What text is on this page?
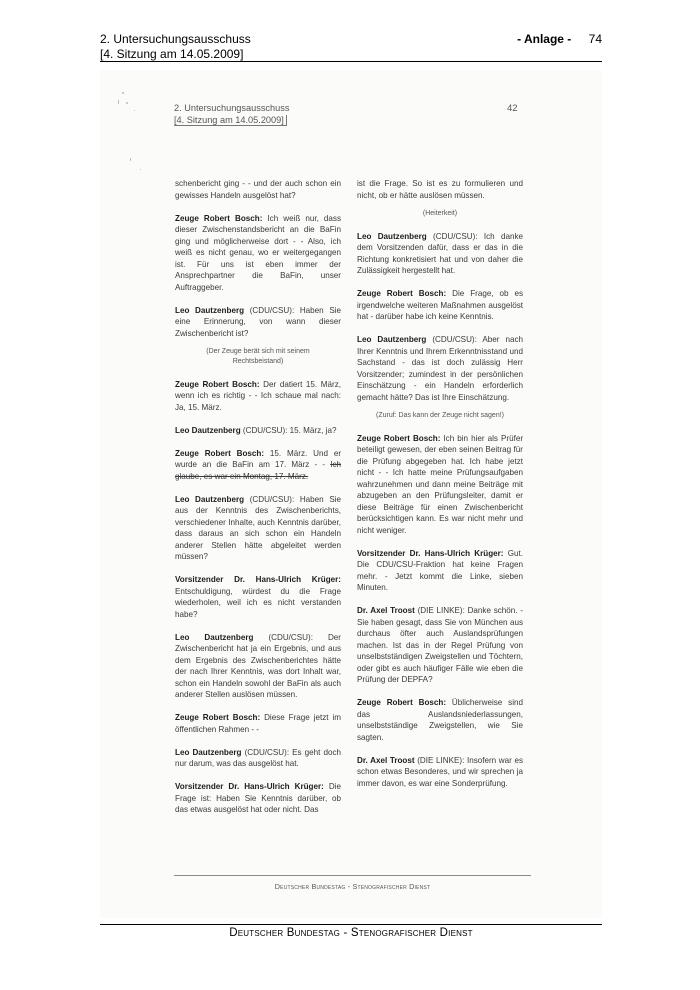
2. Untersuchungsausschuss
[4. Sitzung am 14.05.2009]
- Anlage - 74
2. Untersuchungsausschuss
[4. Sitzung am 14.05.2009]
42

schenbericht ging - - und der auch schon ein gewisses Handeln ausgelöst hat?

Zeuge Robert Bosch: Ich weiß nur, dass dieser Zwischenstandsbericht an die BaFin ging und möglicherweise dort - - Also, ich weiß es nicht genau, wo er weitergegangen ist. Für uns ist eben immer der Ansprechpartner die BaFin, unser Auftraggeber.

Leo Dautzenberg (CDU/CSU): Haben Sie eine Erinnerung, von wann dieser Zwischenbericht ist?

(Der Zeuge berät sich mit seinem Rechtsbeistand)

Zeuge Robert Bosch: Der datiert 15. März, wenn ich es richtig - - Ich schaue mal nach: Ja, 15. März.

Leo Dautzenberg (CDU/CSU): 15. März, ja?

Zeuge Robert Bosch: 15. März. Und er wurde an die BaFin am 17. März - - Ich glaube, es war ein Montag, 17. März.

Leo Dautzenberg (CDU/CSU): Haben Sie aus der Kenntnis des Zwischenberichts, verschiedener Inhalte, auch Kenntnis darüber, dass daraus an sich schon ein Handeln anderer Stellen hätte abgeleitet werden müssen?

Vorsitzender Dr. Hans-Ulrich Krüger: Entschuldigung, würdest du die Frage wiederholen, weil ich es nicht verstanden habe?

Leo Dautzenberg (CDU/CSU): Der Zwischenbericht hat ja ein Ergebnis, und aus dem Ergebnis des Zwischenberichtes hätte der nach Ihrer Kenntnis, was dort Inhalt war, schon ein Handeln sowohl der BaFin als auch anderer Stellen auslösen müssen.

Zeuge Robert Bosch: Diese Frage jetzt im öffentlichen Rahmen - -

Leo Dautzenberg (CDU/CSU): Es geht doch nur darum, was das ausgelöst hat.

Vorsitzender Dr. Hans-Ulrich Krüger: Die Frage ist: Haben Sie Kenntnis darüber, ob das etwas ausgelöst hat oder nicht. Das

ist die Frage. So ist es zu formulieren und nicht, ob er hätte auslösen müssen.

(Heiterkeit)

Leo Dautzenberg (CDU/CSU): Ich danke dem Vorsitzenden dafür, dass er das in die Richtung konkretisiert hat und von daher die Zulässigkeit hergestellt hat.

Zeuge Robert Bosch: Die Frage, ob es irgendwelche weiteren Maßnahmen ausgelöst hat - darüber habe ich keine Kenntnis.

Leo Dautzenberg (CDU/CSU): Aber nach Ihrer Kenntnis und Ihrem Erkenntnisstand und Sachstand - das ist doch zulässig Herr Vorsitzender; zumindest in der persönlichen Einschätzung - ein Handeln erforderlich gemacht hätte? Das ist Ihre Einschätzung.

(Zuruf: Das kann der Zeuge nicht sagen!)

Zeuge Robert Bosch: Ich bin hier als Prüfer beteiligt gewesen, der eben seinen Beitrag für die Prüfung abgegeben hat. Ich habe jetzt nicht - - Ich hatte meine Prüfungsaufgaben wahrzunehmen und dann meine Beiträge mit abzugeben an den Prüfungsleiter, damit er diese Beiträge für einen Zwischenbericht berücksichtigen kann. Es war nicht mehr und nicht weniger.

Vorsitzender Dr. Hans-Ulrich Krüger: Gut. Die CDU/CSU-Fraktion hat keine Fragen mehr. - Jetzt kommt die Linke, sieben Minuten.

Dr. Axel Troost (DIE LINKE): Danke schön. - Sie haben gesagt, dass Sie von München aus durchaus öfter auch Auslandsprüfungen machen. Ist das in der Regel Prüfung von unselbstständigen Zweigstellen und Töchtern, oder gibt es auch häufiger Fälle wie eben die Prüfung der DEPFA?

Zeuge Robert Bosch: Üblicherweise sind das Auslandsniederlassungen, unselbstständige Zweigstellen, wie Sie sagten.

Dr. Axel Troost (DIE LINKE): Insofern war es schon etwas Besonderes, und wir sprechen ja immer davon, es war eine Sonderprüfung.

Deutscher Bundestag - Stenografischer Dienst
Deutscher Bundestag - Stenografischer Dienst
